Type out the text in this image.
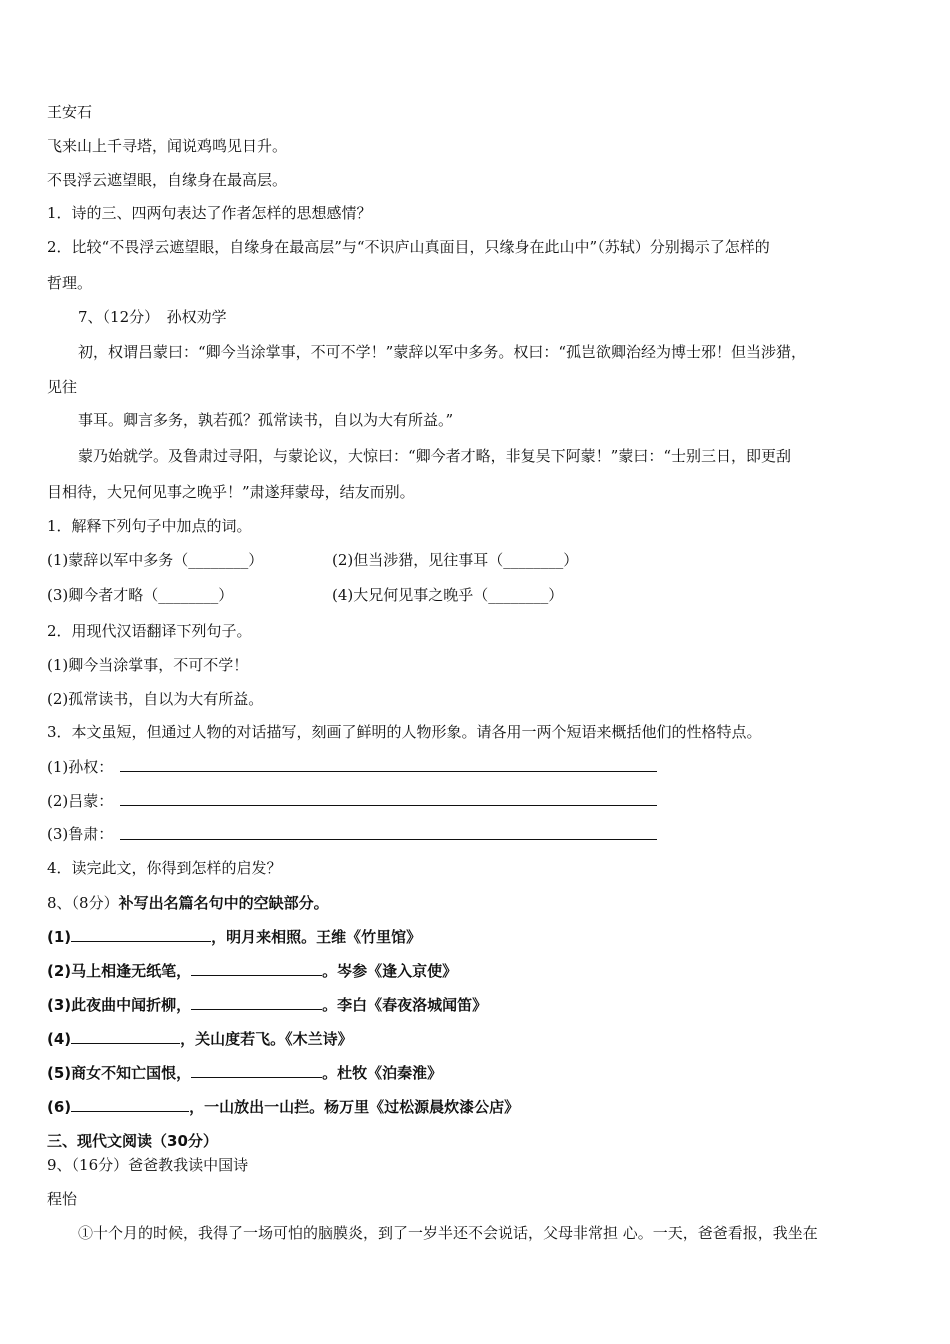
王安石
飞来山上千寻塔，闻说鸡鸣见日升。
不畏浮云遮望眼，自缘身在最高层。
1．诗的三、四两句表达了作者怎样的思想感情？
2．比较“不畏浮云遮望眼，自缘身在最高层”与“不识庐山真面目，只缘身在此山中”（苏轼）分别揭示了怎样的
哲理。
7、（12分）　孙权劝学
初，权谓吕蒙曰：“卿今当涂掌事，不可不学！”蒙辞以军中多务。权曰：“孤岂欲卿治经为博士邪！但当涉猎，
见往
事耳。卿言多务，孰若孤？孤常读书，自以为大有所益。”
蒙乃始就学。及鲁肃过寻阳，与蒙论议，大惊曰：“卿今者才略，非复吴下阿蒙！”蒙曰：“士别三日，即更刮
目相待，大兄何见事之晚乎！”肃遂拜蒙母，结友而别。
1．解释下列句子中加点的词。
(1)蒙辞以军中多务（________）	(2)但当涉猎，见往事耳（________）
(3)卿今者才略（________）	(4)大兄何见事之晚乎（________）
2．用现代汉语翻译下列句子。
(1)卿今当涂掌事，不可不学！
(2)孤常读书，自以为大有所益。
3．本文虽短，但通过人物的对话描写，刻画了鲜明的人物形象。请各用一两个短语来概括他们的性格特点。
(1)孙权：
(2)吕蒙：
(3)鲁肃：
4．读完此文，你得到怎样的启发？
8、（8分）补写出名篇名句中的空缺部分。
(1)	，明月来相照。王维《竹里馆》
(2)马上相逢无纸笔，	。岑参《逢入京使》
(3)此夜曲中闻折柳，	。李白《春夜洛城闻笛》
(4)	，关山度若飞。《木兰诗》
(5)商女不知亡国恨，	。杜牧《泊秦淮》
(6)	，一山放出一山拦。杨万里《过松源晨炊漆公店》
三、现代文阅读（30分）
9、（16分）爸爸教我读中国诗
程怡
①十个月的时候，我得了一场可怕的脑膜炎，到了一岁半还不会说话，父母非常担 心。一天，爸爸看报，我坐在
